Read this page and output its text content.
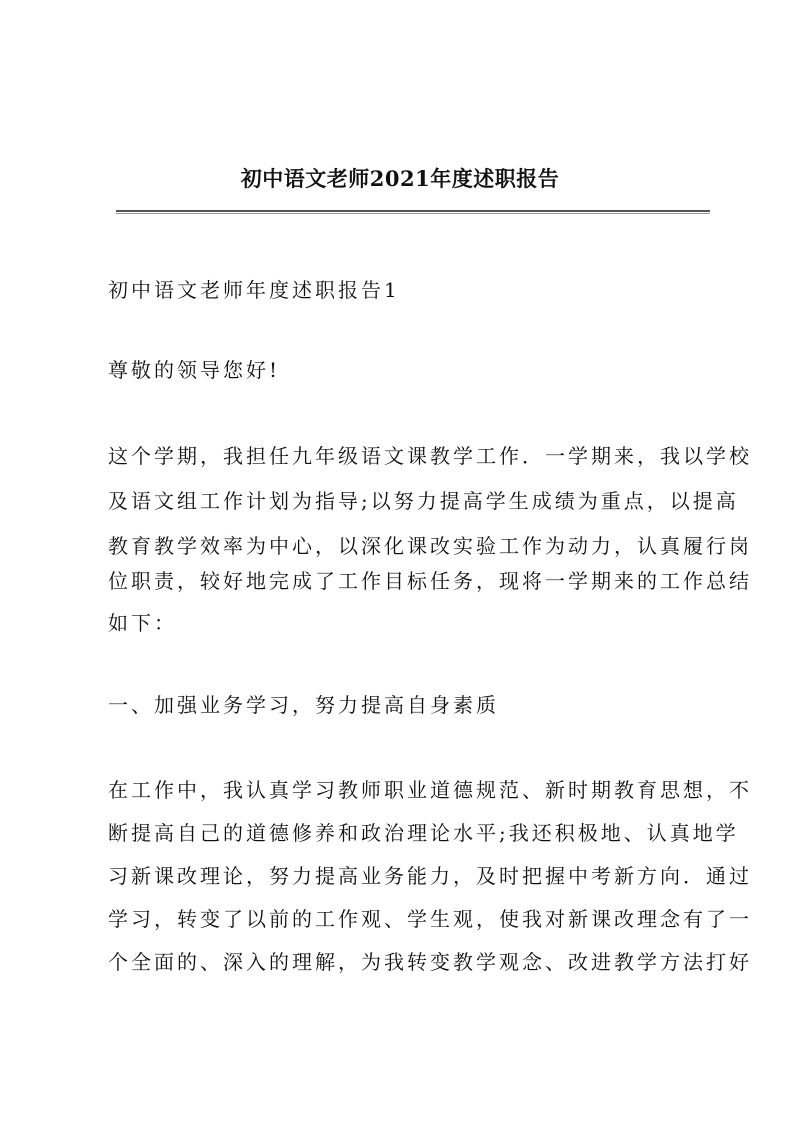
初中语文老师2021年度述职报告
初中语文老师年度述职报告1
尊敬的领导您好!
这个学期，我担任九年级语文课教学工作．一学期来，我以学校
及语文组工作计划为指导;以努力提高学生成绩为重点，以提高
教育教学效率为中心，以深化课改实验工作为动力，认真履行岗
位职责，较好地完成了工作目标任务，现将一学期来的工作总结
如下：
一、加强业务学习，努力提高自身素质
在工作中，我认真学习教师职业道德规范、新时期教育思想，不
断提高自己的道德修养和政治理论水平;我还积极地、认真地学
习新课改理论，努力提高业务能力，及时把握中考新方向．通过
学习，转变了以前的工作观、学生观，使我对新课改理念有了一
个全面的、深入的理解，为我转变教学观念、改进教学方法打好
